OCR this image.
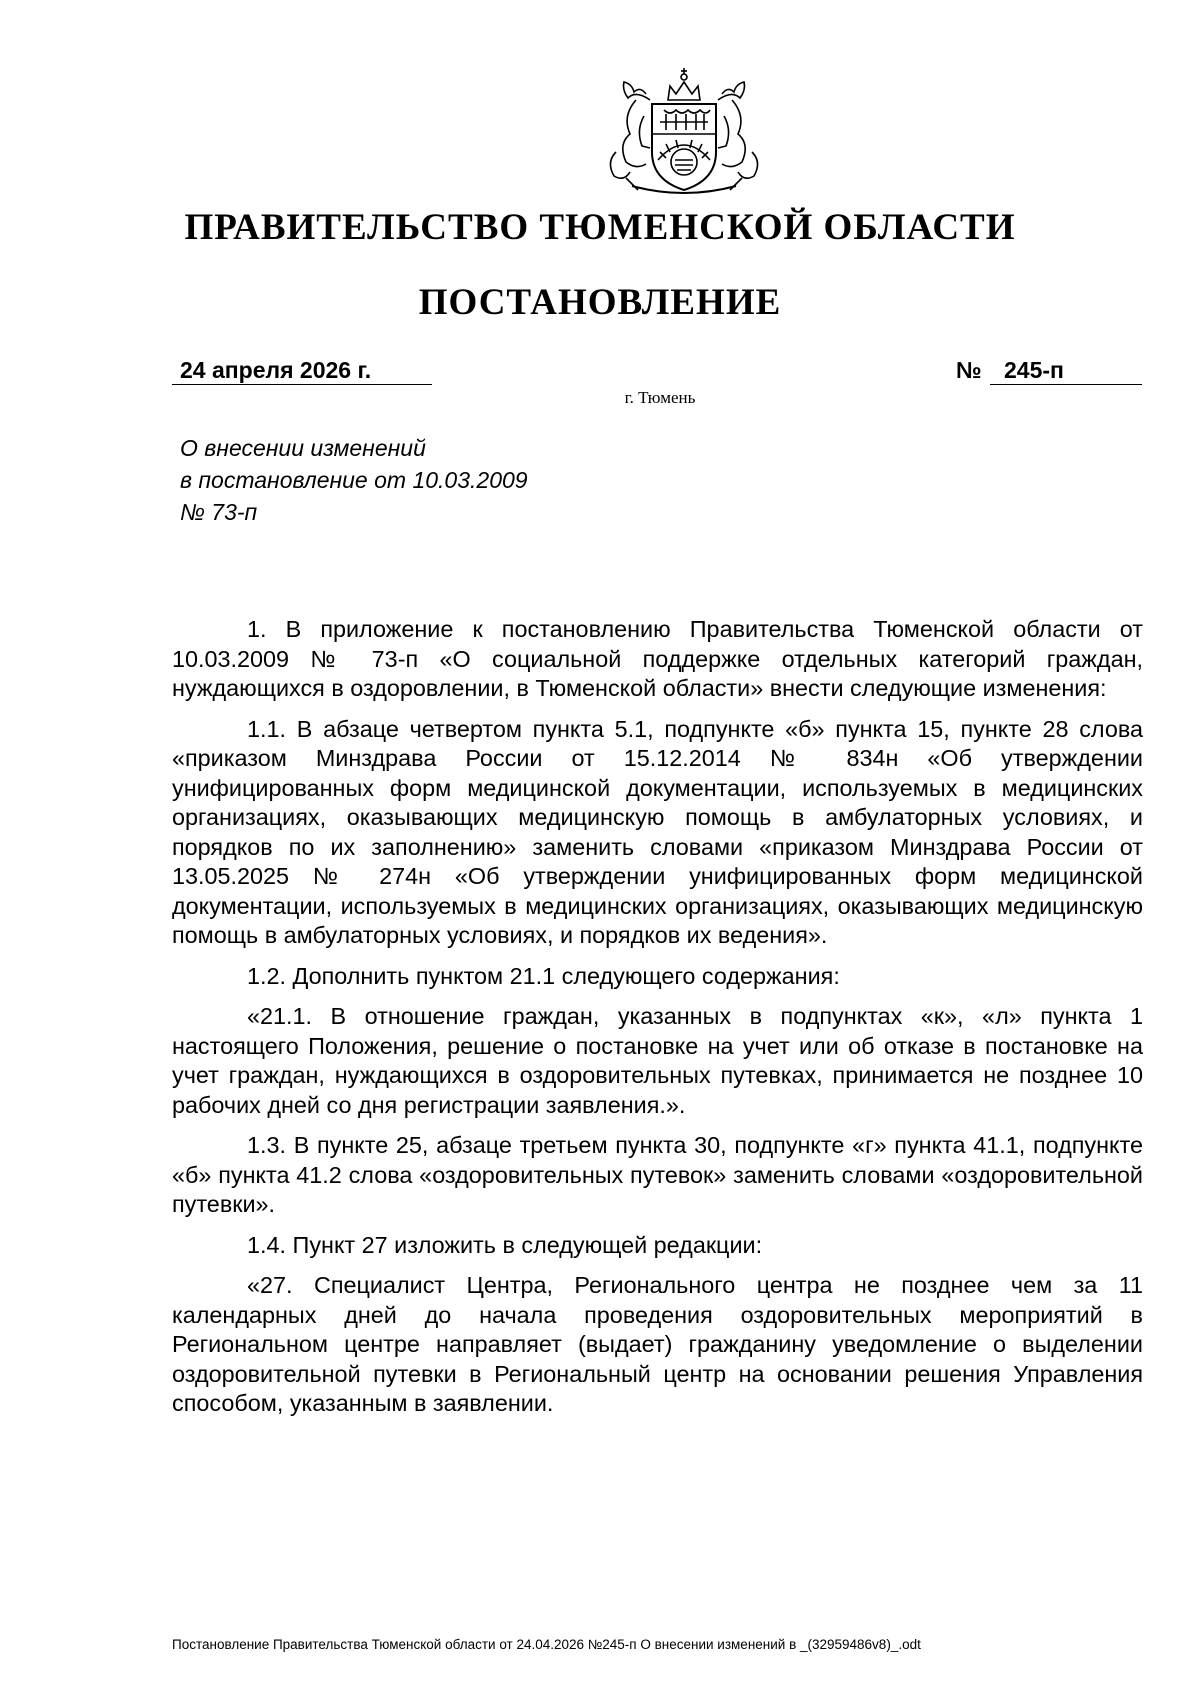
ПРАВИТЕЛЬСТВО ТЮМЕНСКОЙ ОБЛАСТИ
ПОСТАНОВЛЕНИЕ
24 апреля 2026 г.	№ 245-п
г. Тюмень
О внесении изменений
в постановление от 10.03.2009
№ 73-п

1. В приложение к постановлению Правительства Тюменской области от 10.03.2009 № 73-п «О социальной поддержке отдельных категорий граждан, нуждающихся в оздоровлении, в Тюменской области» внести следующие изменения:

1.1. В абзаце четвертом пункта 5.1, подпункте «б» пункта 15, пункте 28 слова «приказом Минздрава России от 15.12.2014 № 834н «Об утверждении унифицированных форм медицинской документации, используемых в медицинских организациях, оказывающих медицинскую помощь в амбулаторных условиях, и порядков по их заполнению» заменить словами «приказом Минздрава России от 13.05.2025 № 274н «Об утверждении унифицированных форм медицинской документации, используемых в медицинских организациях, оказывающих медицинскую помощь в амбулаторных условиях, и порядков их ведения».

1.2. Дополнить пунктом 21.1 следующего содержания:

«21.1. В отношение граждан, указанных в подпунктах «к», «л» пункта 1 настоящего Положения, решение о постановке на учет или об отказе в постановке на учет граждан, нуждающихся в оздоровительных путевках, принимается не позднее 10 рабочих дней со дня регистрации заявления.».

1.3. В пункте 25, абзаце третьем пункта 30, подпункте «г» пункта 41.1, подпункте «б» пункта 41.2 слова «оздоровительных путевок» заменить словами «оздоровительной путевки».

1.4. Пункт 27 изложить в следующей редакции:

«27. Специалист Центра, Регионального центра не позднее чем за 11 календарных дней до начала проведения оздоровительных мероприятий в Региональном центре направляет (выдает) гражданину уведомление о выделении оздоровительной путевки в Региональный центр на основании решения Управления способом, указанным в заявлении.

Постановление Правительства Тюменской области от 24.04.2026 №245-п О внесении изменений в _(32959486v8)_.odt
